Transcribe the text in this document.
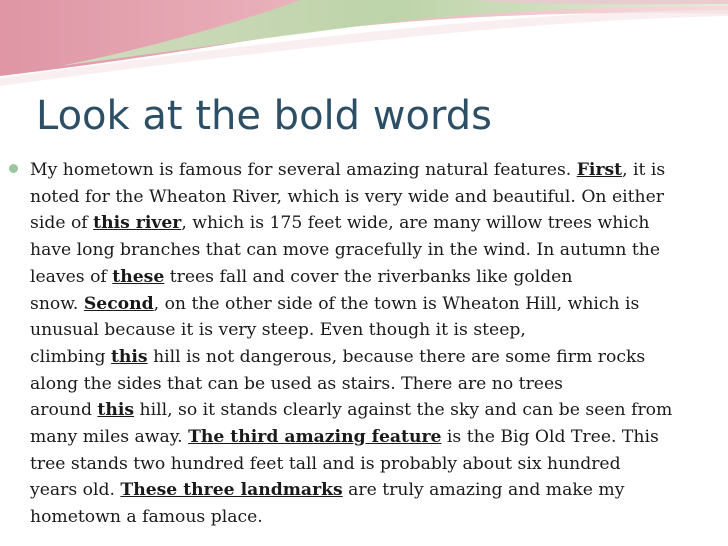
Look at the bold words
My hometown is famous for several amazing natural features. First, it is
noted for the Wheaton River, which is very wide and beautiful. On either
side of this river, which is 175 feet wide, are many willow trees which
have long branches that can move gracefully in the wind. In autumn the
leaves of these trees fall and cover the riverbanks like golden
snow. Second, on the other side of the town is Wheaton Hill, which is
unusual because it is very steep. Even though it is steep,
climbing this hill is not dangerous, because there are some firm rocks
along the sides that can be used as stairs. There are no trees
around this hill, so it stands clearly against the sky and can be seen from
many miles away. The third amazing feature is the Big Old Tree. This
tree stands two hundred feet tall and is probably about six hundred
years old. These three landmarks are truly amazing and make my
hometown a famous place.
